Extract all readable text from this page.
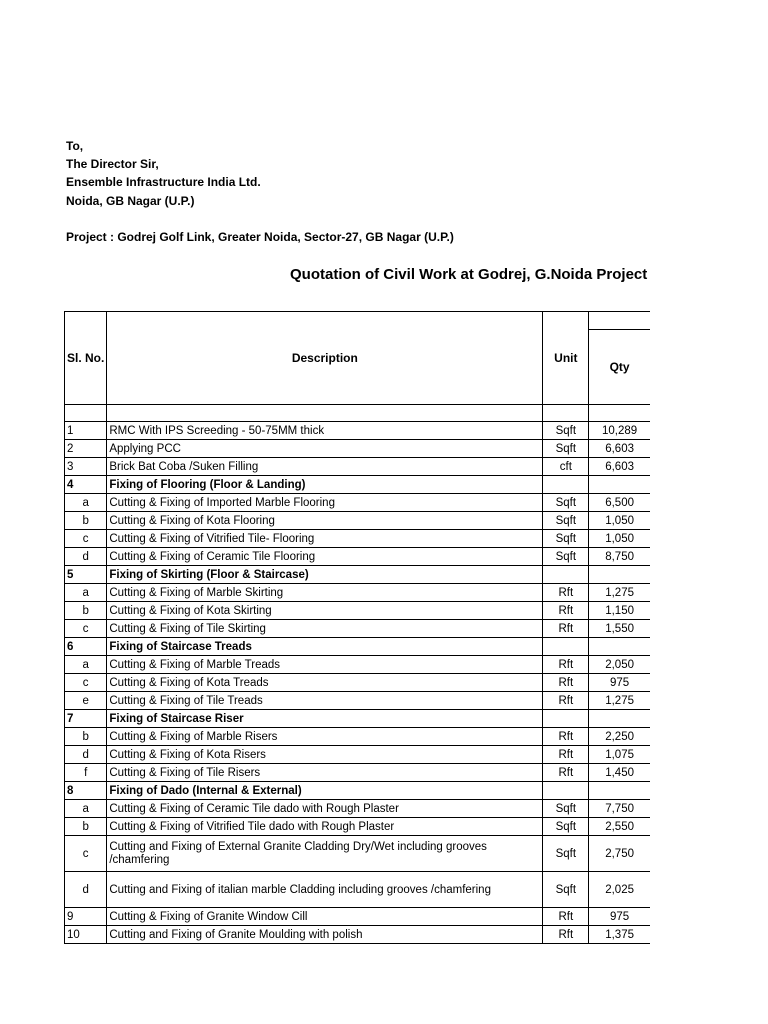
To,
The Director Sir,
Ensemble Infrastructure India Ltd.
Noida, GB Nagar (U.P.)
Project : Godrej Golf Link, Greater Noida, Sector-27, GB Nagar (U.P.)
Quotation of Civil Work at Godrej, G.Noida Project
Sl. No.	Description	Unit	
			Qty

1	RMC With IPS Screeding - 50-75MM thick	Sqft	10,289
2	Applying PCC	Sqft	6,603
3	Brick Bat Coba /Suken Filling	cft	6,603
4	Fixing of Flooring (Floor & Landing)		
a	Cutting & Fixing of Imported Marble Flooring	Sqft	6,500
b	Cutting & Fixing of Kota Flooring	Sqft	1,050
c	Cutting & Fixing of Vitrified Tile- Flooring	Sqft	1,050
d	Cutting & Fixing of Ceramic Tile Flooring	Sqft	8,750
5	Fixing of Skirting (Floor & Staircase)		
a	Cutting & Fixing of Marble Skirting	Rft	1,275
b	Cutting & Fixing of Kota Skirting	Rft	1,150
c	Cutting & Fixing of Tile Skirting	Rft	1,550
6	Fixing of Staircase Treads		
a	Cutting & Fixing of Marble Treads	Rft	2,050
c	Cutting & Fixing of Kota Treads	Rft	975
e	Cutting & Fixing of Tile Treads	Rft	1,275
7	Fixing of Staircase Riser		
b	Cutting & Fixing of Marble Risers	Rft	2,250
d	Cutting & Fixing of Kota Risers	Rft	1,075
f	Cutting & Fixing of Tile Risers	Rft	1,450
8	Fixing of Dado (Internal & External)		
a	Cutting & Fixing of Ceramic Tile dado with Rough Plaster	Sqft	7,750
b	Cutting & Fixing of Vitrified Tile dado with Rough Plaster	Sqft	2,550
c	Cutting and Fixing of External Granite Cladding Dry/Wet including grooves /chamfering	Sqft	2,750
d	Cutting and Fixing of italian marble Cladding including grooves /chamfering	Sqft	2,025
9	Cutting & Fixing of Granite Window Cill	Rft	975
10	Cutting and Fixing of Granite Moulding with polish	Rft	1,375
